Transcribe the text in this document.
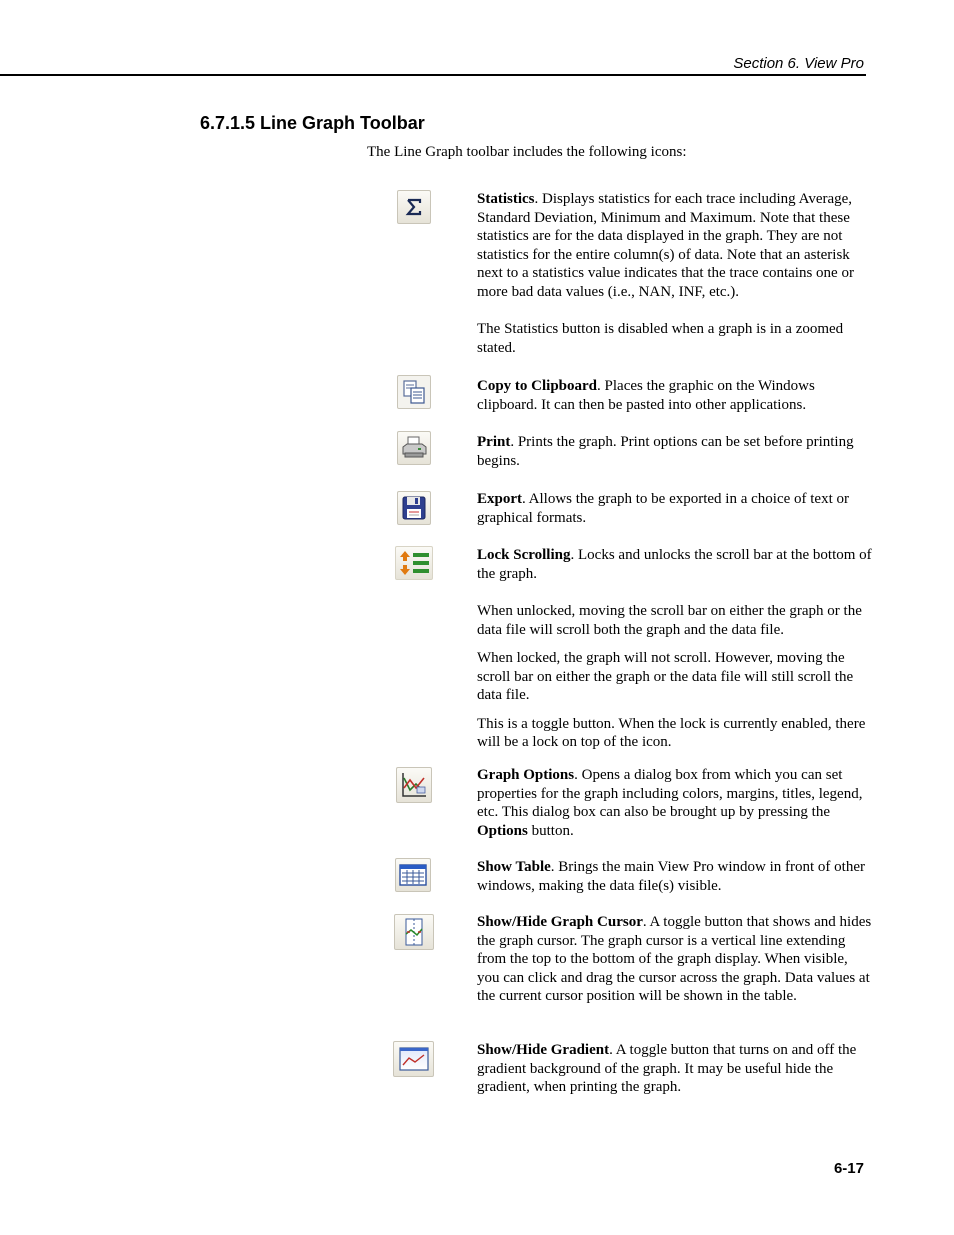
Section 6. View Pro
6.7.1.5 Line Graph Toolbar

The Line Graph toolbar includes the following icons:

Statistics. Displays statistics for each trace including Average, Standard Deviation, Minimum and Maximum. Note that these statistics are for the data displayed in the graph. They are not statistics for the entire column(s) of data. Note that an asterisk next to a statistics value indicates that the trace contains one or more bad data values (i.e., NAN, INF, etc.).

The Statistics button is disabled when a graph is in a zoomed stated.

Copy to Clipboard. Places the graphic on the Windows clipboard. It can then be pasted into other applications.

Print. Prints the graph. Print options can be set before printing begins.

Export. Allows the graph to be exported in a choice of text or graphical formats.

Lock Scrolling. Locks and unlocks the scroll bar at the bottom of the graph.

When unlocked, moving the scroll bar on either the graph or the data file will scroll both the graph and the data file.

When locked, the graph will not scroll. However, moving the scroll bar on either the graph or the data file will still scroll the data file.

This is a toggle button. When the lock is currently enabled, there will be a lock on top of the icon.

Graph Options. Opens a dialog box from which you can set properties for the graph including colors, margins, titles, legend, etc. This dialog box can also be brought up by pressing the Options button.

Show Table. Brings the main View Pro window in front of other windows, making the data file(s) visible.

Show/Hide Graph Cursor. A toggle button that shows and hides the graph cursor. The graph cursor is a vertical line extending from the top to the bottom of the graph display. When visible, you can click and drag the cursor across the graph. Data values at the current cursor position will be shown in the table.

Show/Hide Gradient. A toggle button that turns on and off the gradient background of the graph. It may be useful hide the gradient, when printing the graph.

6-17
